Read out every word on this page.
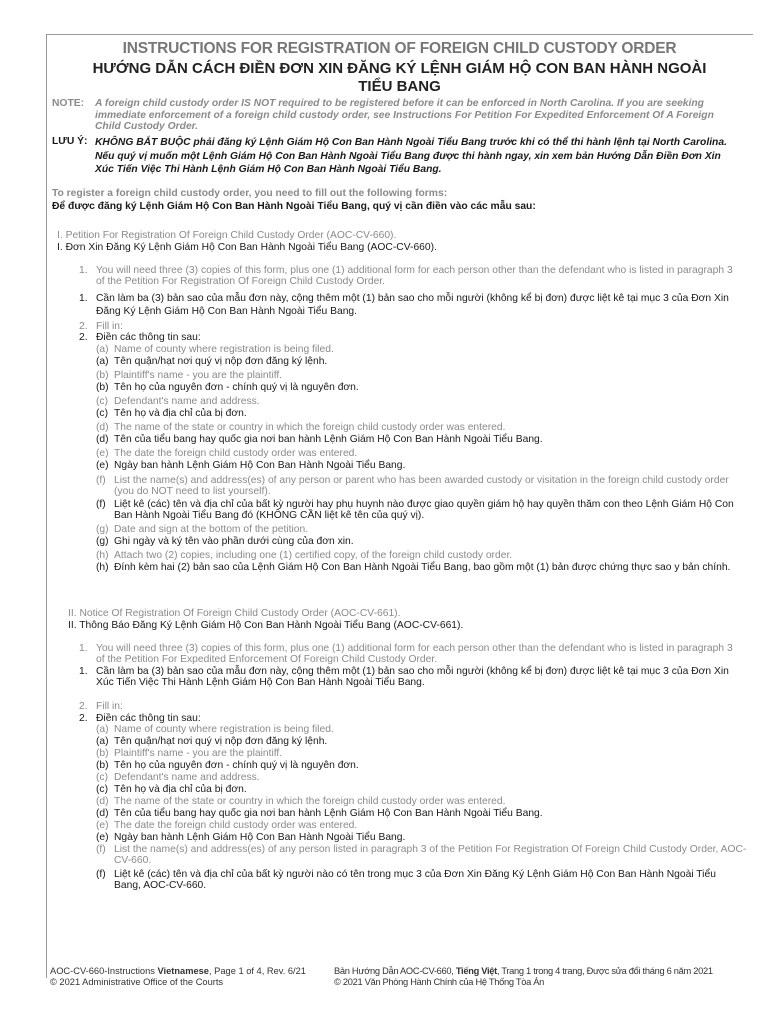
INSTRUCTIONS FOR REGISTRATION OF FOREIGN CHILD CUSTODY ORDER
HƯỚNG DẪN CÁCH ĐIỀN ĐƠN XIN ĐĂNG KÝ LỆNH GIÁM HỘ CON BAN HÀNH NGOÀI
TIỂU BANG
NOTE: A foreign child custody order IS NOT required to be registered before it can be enforced in North Carolina. If you are seeking immediate enforcement of a foreign child custody order, see Instructions For Petition For Expedited Enforcement Of A Foreign Child Custody Order.
LƯU Ý: KHÔNG BẮT BUỘC phải đăng ký Lệnh Giám Hộ Con Ban Hành Ngoài Tiểu Bang trước khi có thể thi hành lệnh tại North Carolina. Nếu quý vị muốn một Lệnh Giám Hộ Con Ban Hành Ngoài Tiểu Bang được thi hành ngay, xin xem bản Hướng Dẫn Điền Đơn Xin Xúc Tiến Việc Thi Hành Lệnh Giám Hộ Con Ban Hành Ngoài Tiểu Bang.
To register a foreign child custody order, you need to fill out the following forms:
Để được đăng ký Lệnh Giám Hộ Con Ban Hành Ngoài Tiểu Bang, quý vị cần điền vào các mẫu sau:
I. Petition For Registration Of Foreign Child Custody Order (AOC-CV-660).
I. Đơn Xin Đăng Ký Lệnh Giám Hộ Con Ban Hành Ngoài Tiểu Bang (AOC-CV-660).
1. You will need three (3) copies of this form, plus one (1) additional form for each person other than the defendant who is listed in paragraph 3 of the Petition For Registration Of Foreign Child Custody Order.
1. Cần làm ba (3) bản sao của mẫu đơn này, cộng thêm một (1) bản sao cho mỗi người (không kể bị đơn) được liệt kê tại mục 3 của Đơn Xin Đăng Ký Lệnh Giám Hộ Con Ban Hành Ngoài Tiểu Bang.
2. Fill in:
2. Điền các thông tin sau:
(a) Name of county where registration is being filed.
(a) Tên quận/hạt nơi quý vị nộp đơn đăng ký lệnh.
(b) Plaintiff's name - you are the plaintiff.
(b) Tên họ của nguyên đơn - chính quý vị là nguyên đơn.
(c) Defendant's name and address.
(c) Tên họ và địa chỉ của bị đơn.
(d) The name of the state or country in which the foreign child custody order was entered.
(d) Tên của tiểu bang hay quốc gia nơi ban hành Lệnh Giám Hộ Con Ban Hành Ngoài Tiểu Bang.
(e) The date the foreign child custody order was entered.
(e) Ngày ban hành Lệnh Giám Hộ Con Ban Hành Ngoài Tiểu Bang.
(f) List the name(s) and address(es) of any person or parent who has been awarded custody or visitation in the foreign child custody order (you do NOT need to list yourself).
(f) Liệt kê (các) tên và địa chỉ của bất kỳ người hay phụ huynh nào được giao quyền giám hộ hay quyền thăm con theo Lệnh Giám Hộ Con Ban Hành Ngoài Tiểu Bang đó (KHÔNG CẦN liệt kê tên của quý vị).
(g) Date and sign at the bottom of the petition.
(g) Ghi ngày và ký tên vào phần dưới cùng của đơn xin.
(h) Attach two (2) copies, including one (1) certified copy, of the foreign child custody order.
(h) Đính kèm hai (2) bản sao của Lệnh Giám Hộ Con Ban Hành Ngoài Tiểu Bang, bao gồm một (1) bản được chứng thực sao y bản chính.
II. Notice Of Registration Of Foreign Child Custody Order (AOC-CV-661).
II. Thông Báo Đăng Ký Lệnh Giám Hộ Con Ban Hành Ngoài Tiểu Bang (AOC-CV-661).
1. You will need three (3) copies of this form, plus one (1) additional form for each person other than the defendant who is listed in paragraph 3 of the Petition For Expedited Enforcement Of Foreign Child Custody Order.
1. Cần làm ba (3) bản sao của mẫu đơn này, cộng thêm một (1) bản sao cho mỗi người (không kể bị đơn) được liệt kê tại mục 3 của Đơn Xin Xúc Tiến Việc Thi Hành Lệnh Giám Hộ Con Ban Hành Ngoài Tiểu Bang.
2. Fill in:
2. Điền các thông tin sau:
(a) Name of county where registration is being filed.
(a) Tên quận/hạt nơi quý vị nộp đơn đăng ký lệnh.
(b) Plaintiff's name - you are the plaintiff.
(b) Tên họ của nguyên đơn - chính quý vị là nguyên đơn.
(c) Defendant's name and address.
(c) Tên họ và địa chỉ của bị đơn.
(d) The name of the state or country in which the foreign child custody order was entered.
(d) Tên của tiểu bang hay quốc gia nơi ban hành Lệnh Giám Hộ Con Ban Hành Ngoài Tiểu Bang.
(e) The date the foreign child custody order was entered.
(e) Ngày ban hành Lệnh Giám Hộ Con Ban Hành Ngoài Tiểu Bang.
(f) List the name(s) and address(es) of any person listed in paragraph 3 of the Petition For Registration Of Foreign Child Custody Order, AOC-CV-660.
(f) Liệt kê (các) tên và địa chỉ của bất kỳ người nào có tên trong mục 3 của Đơn Xin Đăng Ký Lệnh Giám Hộ Con Ban Hành Ngoài Tiểu Bang, AOC-CV-660.
AOC-CV-660-Instructions Vietnamese, Page 1 of 4, Rev. 6/21
© 2021 Administrative Office of the Courts
Bản Hướng Dẫn AOC-CV-660, Tiếng Việt, Trang 1 trong 4 trang, Được sửa đổi tháng 6 năm 2021
© 2021 Văn Phòng Hành Chính của Hệ Thống Tòa Án
